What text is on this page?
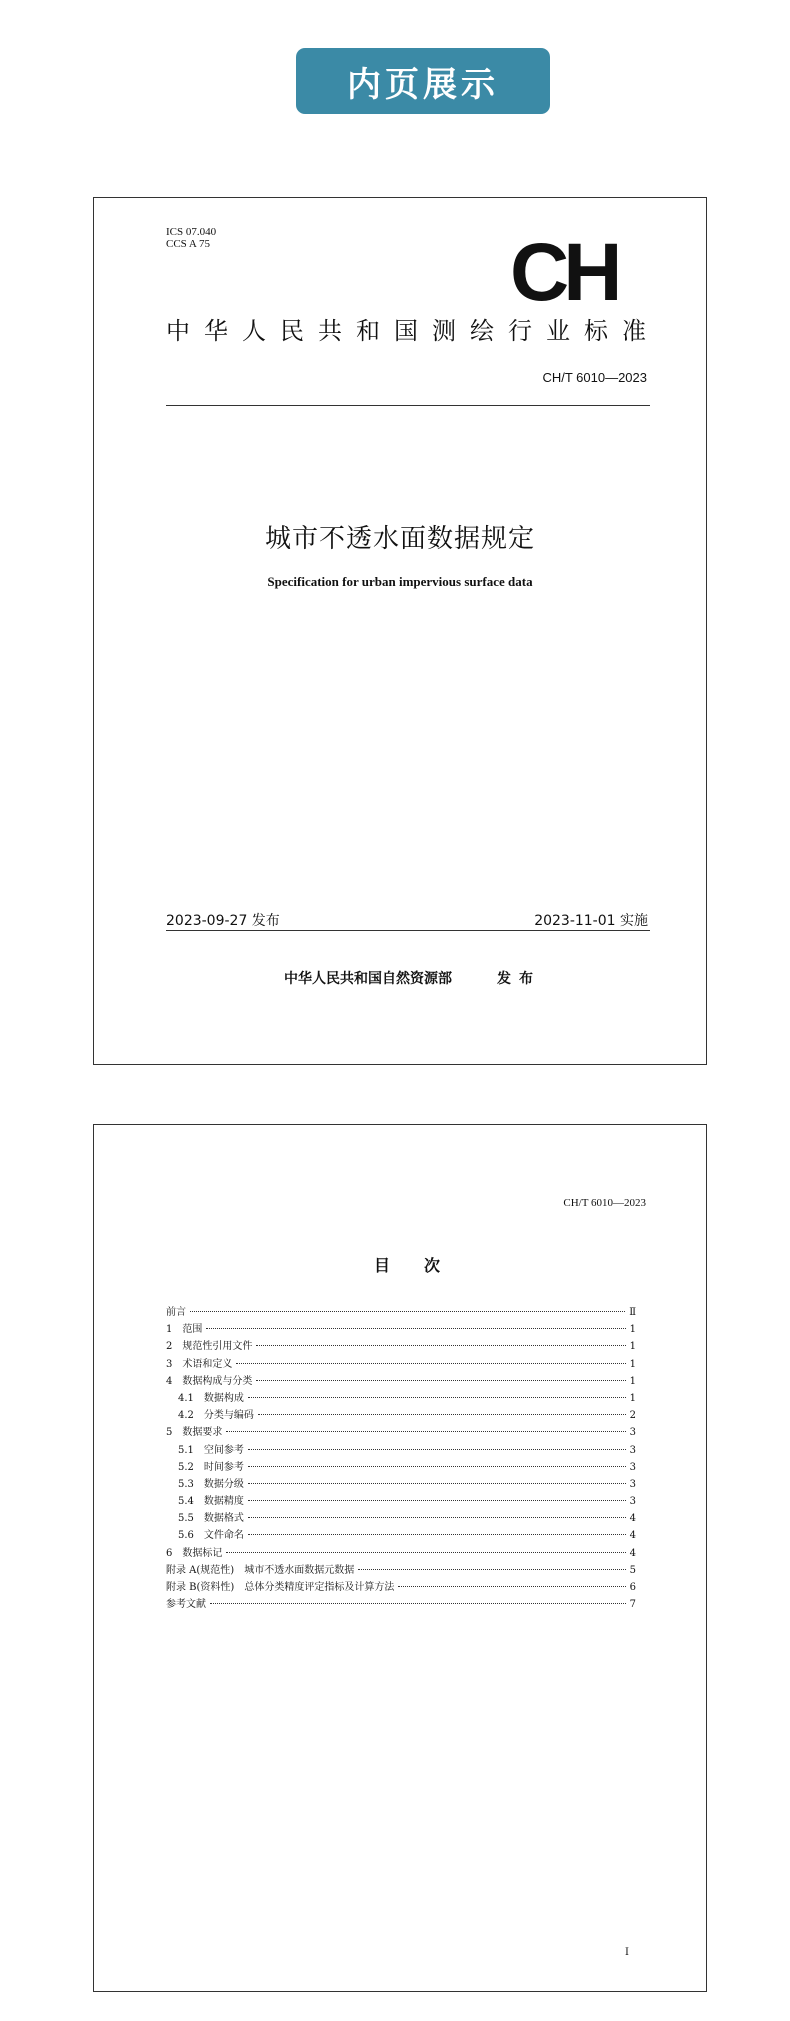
内页展示
ICS 07.040
CCS A 75	CH
中华人民共和国测绘行业标准
CH/T 6010—2023
城市不透水面数据规定
Specification for urban impervious surface data
2023-09-27 发布	2023-11-01 实施
中华人民共和国自然资源部	发布
CH/T 6010—2023
目次
前言	Ⅱ
1　范围	1
2　规范性引用文件	1
3　术语和定义	1
4　数据构成与分类	1
4.1　数据构成	1
4.2　分类与编码	2
5　数据要求	3
5.1　空间参考	3
5.2　时间参考	3
5.3　数据分级	3
5.4　数据精度	3
5.5　数据格式	4
5.6　文件命名	4
6　数据标记	4
附录 A(规范性)　城市不透水面数据元数据	5
附录 B(资料性)　总体分类精度评定指标及计算方法	6
参考文献	7
I
